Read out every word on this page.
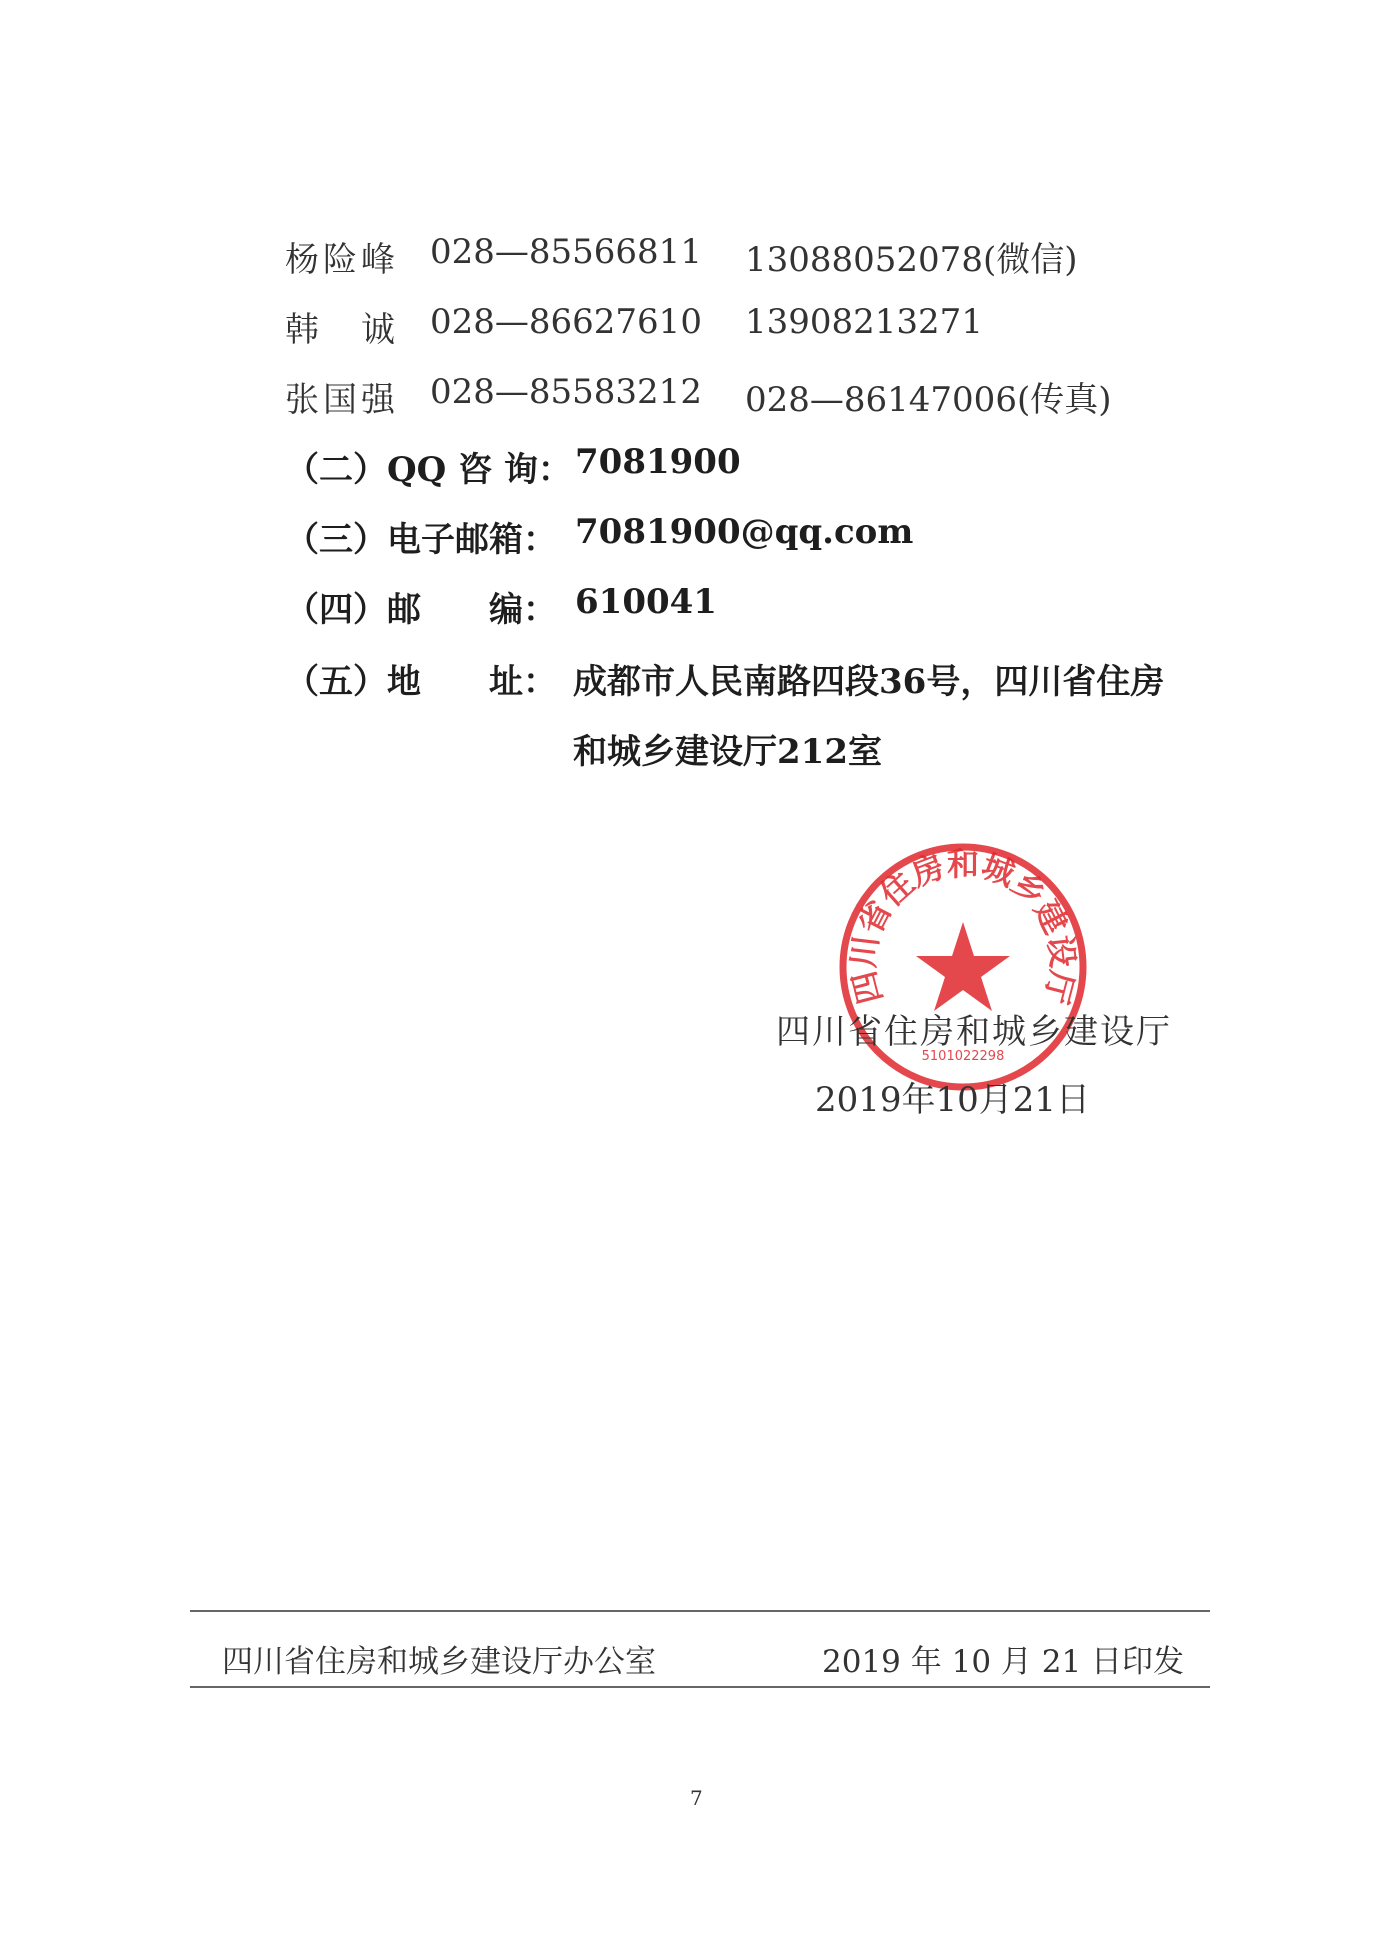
杨险峰 028—85566811 13088052078(微信)
韩　诚 028—86627610 13908213271
张国强 028—85583212 028—86147006(传真)
（二）QQ 咨 询： 7081900
（三）电子邮箱： 7081900@qq.com
（四）邮　　编： 610041
（五）地　　址： 成都市人民南路四段36号，四川省住房
和城乡建设厅212室
四川省住房和城乡建设厅
5101022298
四川省住房和城乡建设厅
2019年10月21日
四川省住房和城乡建设厅办公室	2019 年 10 月 21 日印发
7
